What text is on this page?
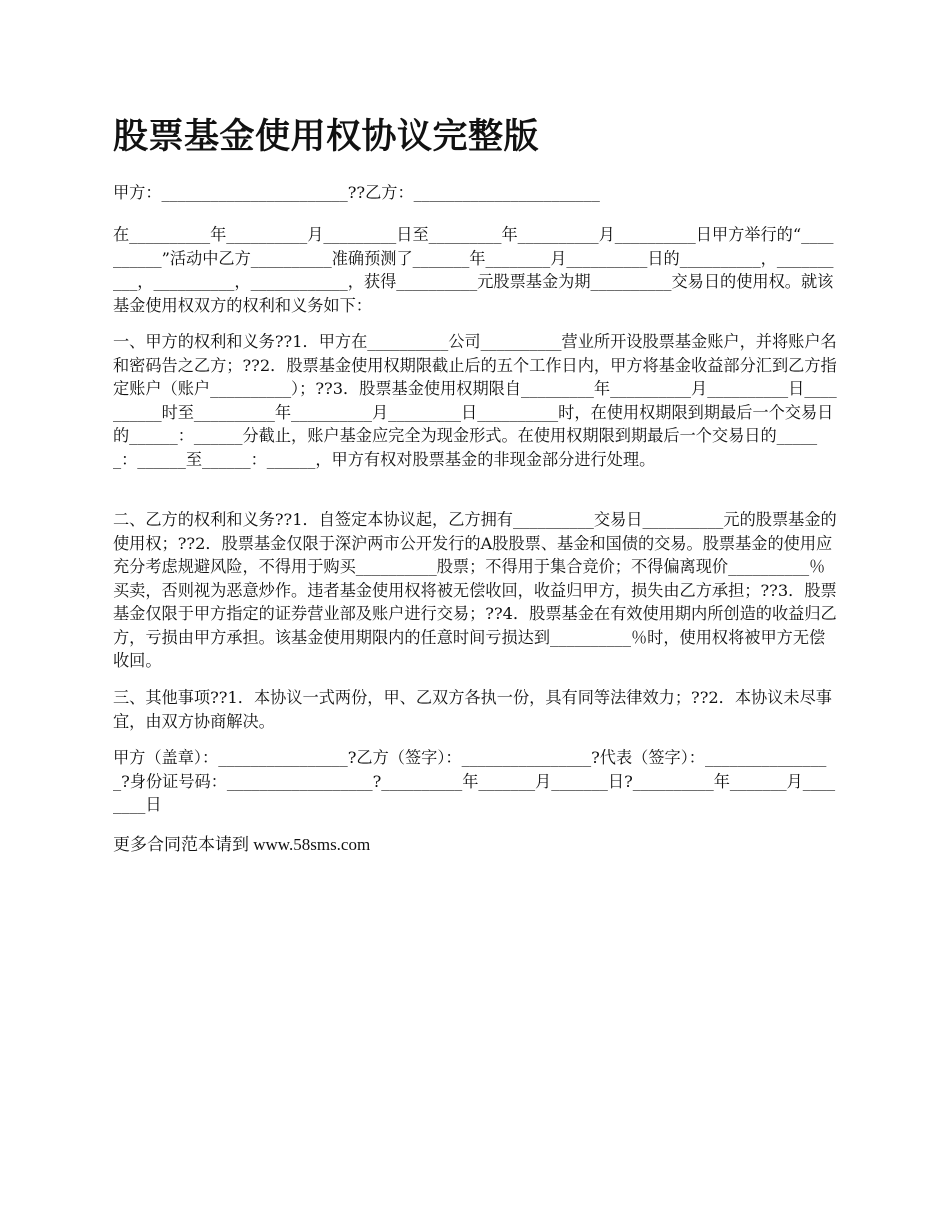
股票基金使用权协议完整版

甲方：_______________________??乙方：_______________________

在__________年__________月_________日至_________年__________月__________日甲方举行的“__________”活动中乙方__________准确预测了_______年________月__________日的__________，__________，__________，____________，获得__________元股票基金为期__________交易日的使用权。就该基金使用权双方的权利和义务如下：

一、甲方的权利和义务??1．甲方在__________公司__________营业所开设股票基金账户，并将账户名和密码告之乙方；??2．股票基金使用权期限截止后的五个工作日内，甲方将基金收益部分汇到乙方指定账户（账户__________）；??3．股票基金使用权期限自_________年__________月__________日__________时至__________年__________月_________日__________时，在使用权期限到期最后一个交易日的______：______分截止，账户基金应完全为现金形式。在使用权期限到期最后一个交易日的______：______至______：______，甲方有权对股票基金的非现金部分进行处理。

二、乙方的权利和义务??1．自签定本协议起，乙方拥有__________交易日__________元的股票基金的使用权；??2．股票基金仅限于深沪两市公开发行的A股股票、基金和国债的交易。股票基金的使用应充分考虑规避风险，不得用于购买__________股票；不得用于集合竞价；不得偏离现价__________％买卖，否则视为恶意炒作。违者基金使用权将被无偿收回，收益归甲方，损失由乙方承担；??3．股票基金仅限于甲方指定的证券营业部及账户进行交易；??4．股票基金在有效使用期内所创造的收益归乙方，亏损由甲方承担。该基金使用期限内的任意时间亏损达到__________％时，使用权将被甲方无偿收回。

三、其他事项??1．本协议一式两份，甲、乙双方各执一份，具有同等法律效力；??2．本协议未尽事宜，由双方协商解决。

甲方（盖章）：________________?乙方（签字）：________________?代表（签字）：________________?身份证号码：__________________?__________年_______月_______日?__________年_______月________日

更多合同范本请到 www.58sms.com
